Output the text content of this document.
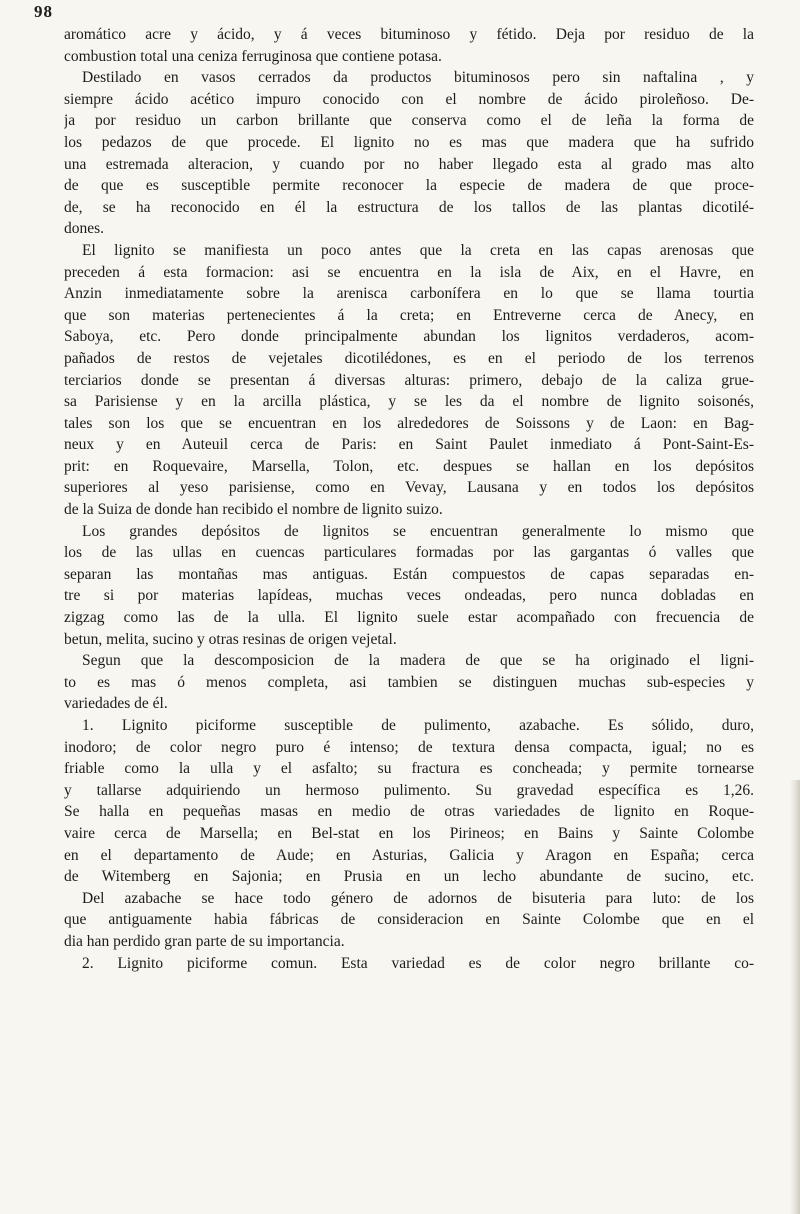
98
aromático acre y ácido, y á veces bituminoso y fétido. Deja por residuo de la
combustion total una ceniza ferruginosa que contiene potasa.
Destilado en vasos cerrados da productos bituminosos pero sin naftalina , y
siempre ácido acético impuro conocido con el nombre de ácido piroleñoso. De-
ja por residuo un carbon brillante que conserva como el de leña la forma de
los pedazos de que procede. El lignito no es mas que madera que ha sufrido
una estremada alteracion, y cuando por no haber llegado esta al grado mas alto
de que es susceptible permite reconocer la especie de madera de que proce-
de, se ha reconocido en él la estructura de los tallos de las plantas dicotilé-
dones.
El lignito se manifiesta un poco antes que la creta en las capas arenosas que
preceden á esta formacion: asi se encuentra en la isla de Aix, en el Havre, en
Anzin inmediatamente sobre la arenisca carbonífera en lo que se llama tourtia
que son materias pertenecientes á la creta; en Entreverne cerca de Anecy, en
Saboya, etc. Pero donde principalmente abundan los lignitos verdaderos, acom-
pañados de restos de vejetales dicotilédones, es en el periodo de los terrenos
terciarios donde se presentan á diversas alturas: primero, debajo de la caliza grue-
sa Parisiense y en la arcilla plástica, y se les da el nombre de lignito soisonés,
tales son los que se encuentran en los alrededores de Soissons y de Laon: en Bag-
neux y en Auteuil cerca de Paris: en Saint Paulet inmediato á Pont-Saint-Es-
prit: en Roquevaire, Marsella, Tolon, etc. despues se hallan en los depósitos
superiores al yeso parisiense, como en Vevay, Lausana y en todos los depósitos
de la Suiza de donde han recibido el nombre de lignito suizo.
Los grandes depósitos de lignitos se encuentran generalmente lo mismo que
los de las ullas en cuencas particulares formadas por las gargantas ó valles que
separan las montañas mas antiguas. Están compuestos de capas separadas en-
tre si por materias lapídeas, muchas veces ondeadas, pero nunca dobladas en
zigzag como las de la ulla. El lignito suele estar acompañado con frecuencia de
betun, melita, sucino y otras resinas de origen vejetal.
Segun que la descomposicion de la madera de que se ha originado el ligni-
to es mas ó menos completa, asi tambien se distinguen muchas sub-especies y
variedades de él.
1. Lignito piciforme susceptible de pulimento, azabache. Es sólido, duro,
inodoro; de color negro puro é intenso; de textura densa compacta, igual; no es
friable como la ulla y el asfalto; su fractura es concheada; y permite tornearse
y tallarse adquiriendo un hermoso pulimento. Su gravedad específica es 1,26.
Se halla en pequeñas masas en medio de otras variedades de lignito en Roque-
vaire cerca de Marsella; en Bel-stat en los Pirineos; en Bains y Sainte Colombe
en el departamento de Aude; en Asturias, Galicia y Aragon en España; cerca
de Witemberg en Sajonia; en Prusia en un lecho abundante de sucino, etc.
Del azabache se hace todo género de adornos de bisuteria para luto: de los
que antiguamente habia fábricas de consideracion en Sainte Colombe que en el
dia han perdido gran parte de su importancia.
2. Lignito piciforme comun. Esta variedad es de color negro brillante co-
